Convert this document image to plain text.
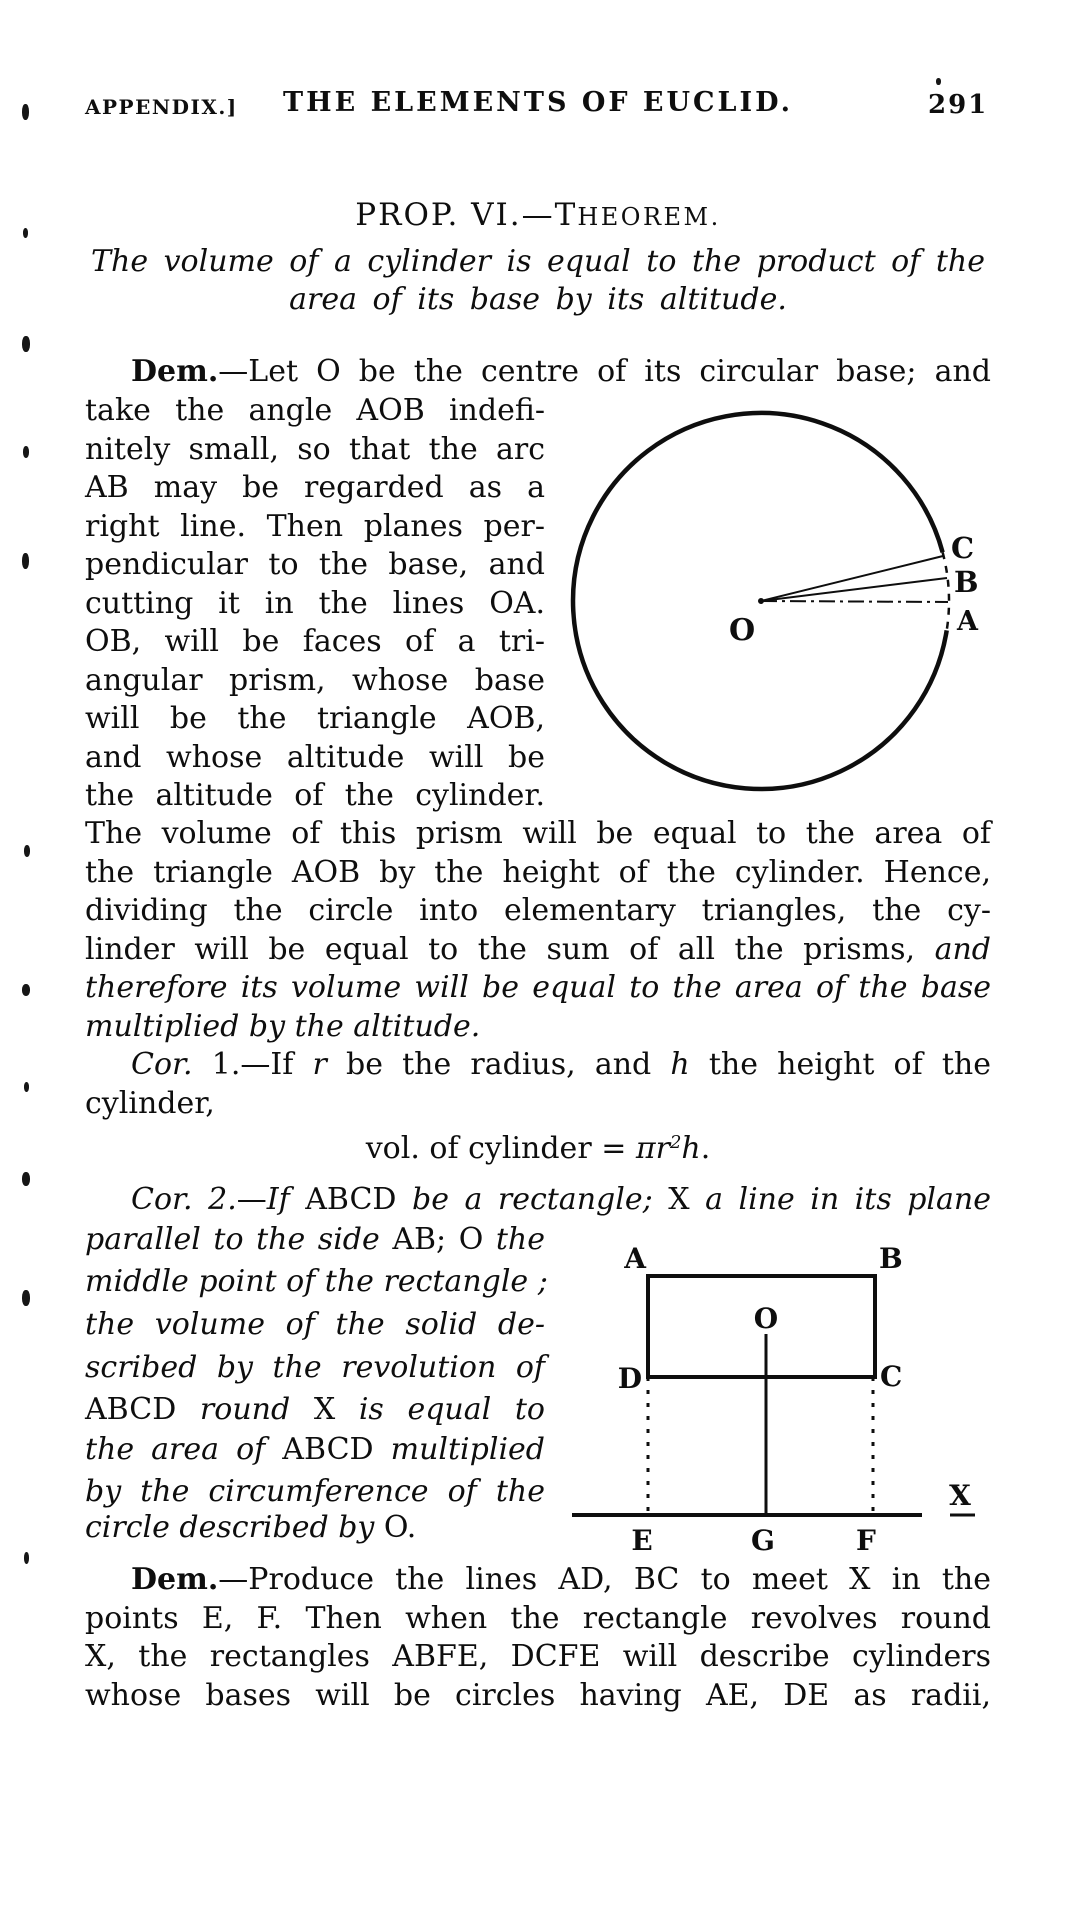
APPENDIX.]	THE ELEMENTS OF EUCLID.	291
PROP. VI.—THEOREM.
The volume of a cylinder is equal to the product of the
area of its base by its altitude.
Dem.—Let O be the centre of its circular base; and
take the angle AOB indefi-
nitely small, so that the arc
AB may be regarded as a
right line. Then planes per-
pendicular to the base, and
cutting it in the lines OA.
OB, will be faces of a tri-
angular prism, whose base
will be the triangle AOB,
and whose altitude will be
the altitude of the cylinder.
C
B
A
O
The volume of this prism will be equal to the area of
the triangle AOB by the height of the cylinder. Hence,
dividing the circle into elementary triangles, the cy-
linder will be equal to the sum of all the prisms, and
therefore its volume will be equal to the area of the base
multiplied by the altitude.
Cor. 1.—If r be the radius, and h the height of the
cylinder,
vol. of cylinder = $\pi r^2h$.
Cor. 2.—If ABCD be a rectangle; X a line in its plane
parallel to the side AB; O the
middle point of the rectangle ;
the volume of the solid de-
scribed by the revolution of
ABCD round X is equal to
the area of ABCD multiplied
by the circumference of the
circle described by O.
A	B
O
D	C
X
E	G	F
Dem.—Produce the lines AD, BC to meet X in the
points E, F. Then when the rectangle revolves round
X, the rectangles ABFE, DCFE will describe cylinders
whose bases will be circles having AE, DE as radii,
